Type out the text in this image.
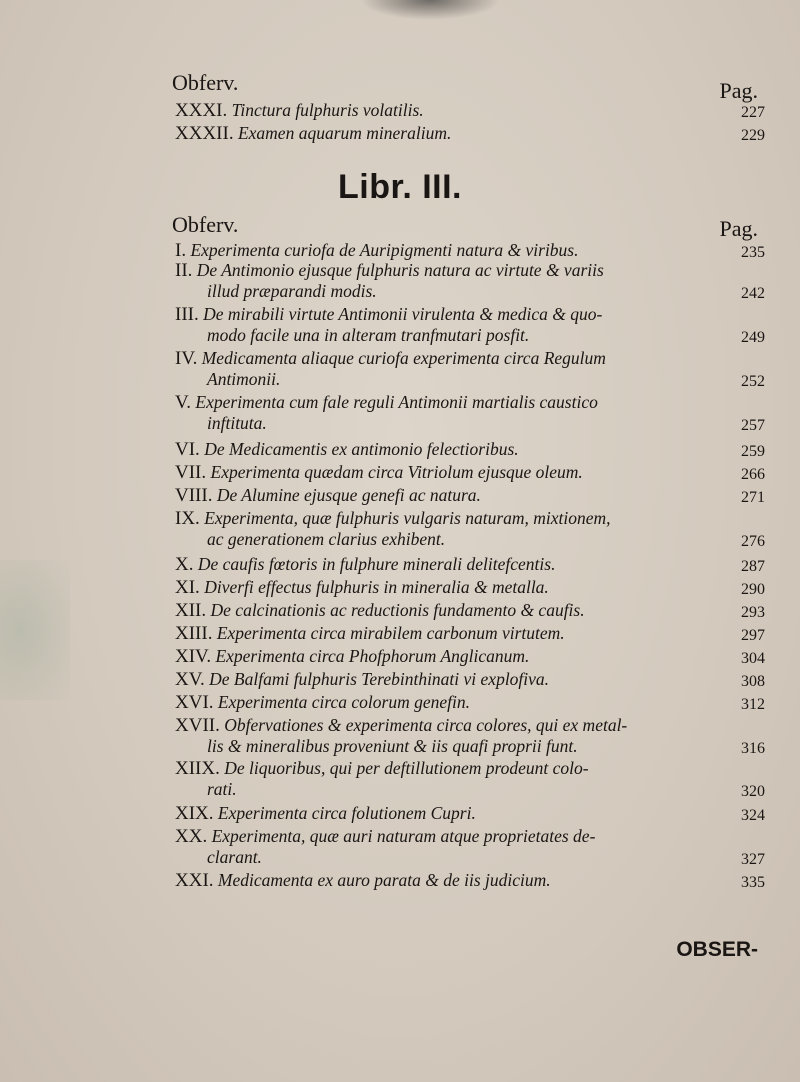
Obferv.	Pag.
XXXI. Tinctura fulphuris volatilis.	227
XXXII. Examen aquarum mineralium.	229
Libr. III.
Obferv.	Pag.
I. Experimenta curiofa de Auripigmenti natura & viribus.	235
II. De Antimonio ejusque fulphuris natura ac virtute & variis
illud præparandi modis.	242
III. De mirabili virtute Antimonii virulenta & medica & quo-
modo facile una in alteram tranfmutari posfit.	249
IV. Medicamenta aliaque curiofa experimenta circa Regulum
Antimonii.	252
V. Experimenta cum fale reguli Antimonii martialis caustico
inftituta.	257
VI. De Medicamentis ex antimonio felectioribus.	259
VII. Experimenta quædam circa Vitriolum ejusque oleum.	266
VIII. De Alumine ejusque genefi ac natura.	271
IX. Experimenta, quæ fulphuris vulgaris naturam, mixtionem,
ac generationem clarius exhibent.	276
X. De caufis fœtoris in fulphure minerali delitefcentis.	287
XI. Diverfi effectus fulphuris in mineralia & metalla.	290
XII. De calcinationis ac reductionis fundamento & caufis.	293
XIII. Experimenta circa mirabilem carbonum virtutem.	297
XIV. Experimenta circa Phofphorum Anglicanum.	304
XV. De Balfami fulphuris Terebinthinati vi explofiva.	308
XVI. Experimenta circa colorum genefin.	312
XVII. Obfervationes & experimenta circa colores, qui ex metal-
lis & mineralibus proveniunt & iis quafi proprii funt.	316
XIIX. De liquoribus, qui per deftillutionem prodeunt colo-
rati.	320
XIX. Experimenta circa folutionem Cupri.	324
XX. Experimenta, quæ auri naturam atque proprietates de-
clarant.	327
XXI. Medicamenta ex auro parata & de iis judicium.	335
OBSER-
